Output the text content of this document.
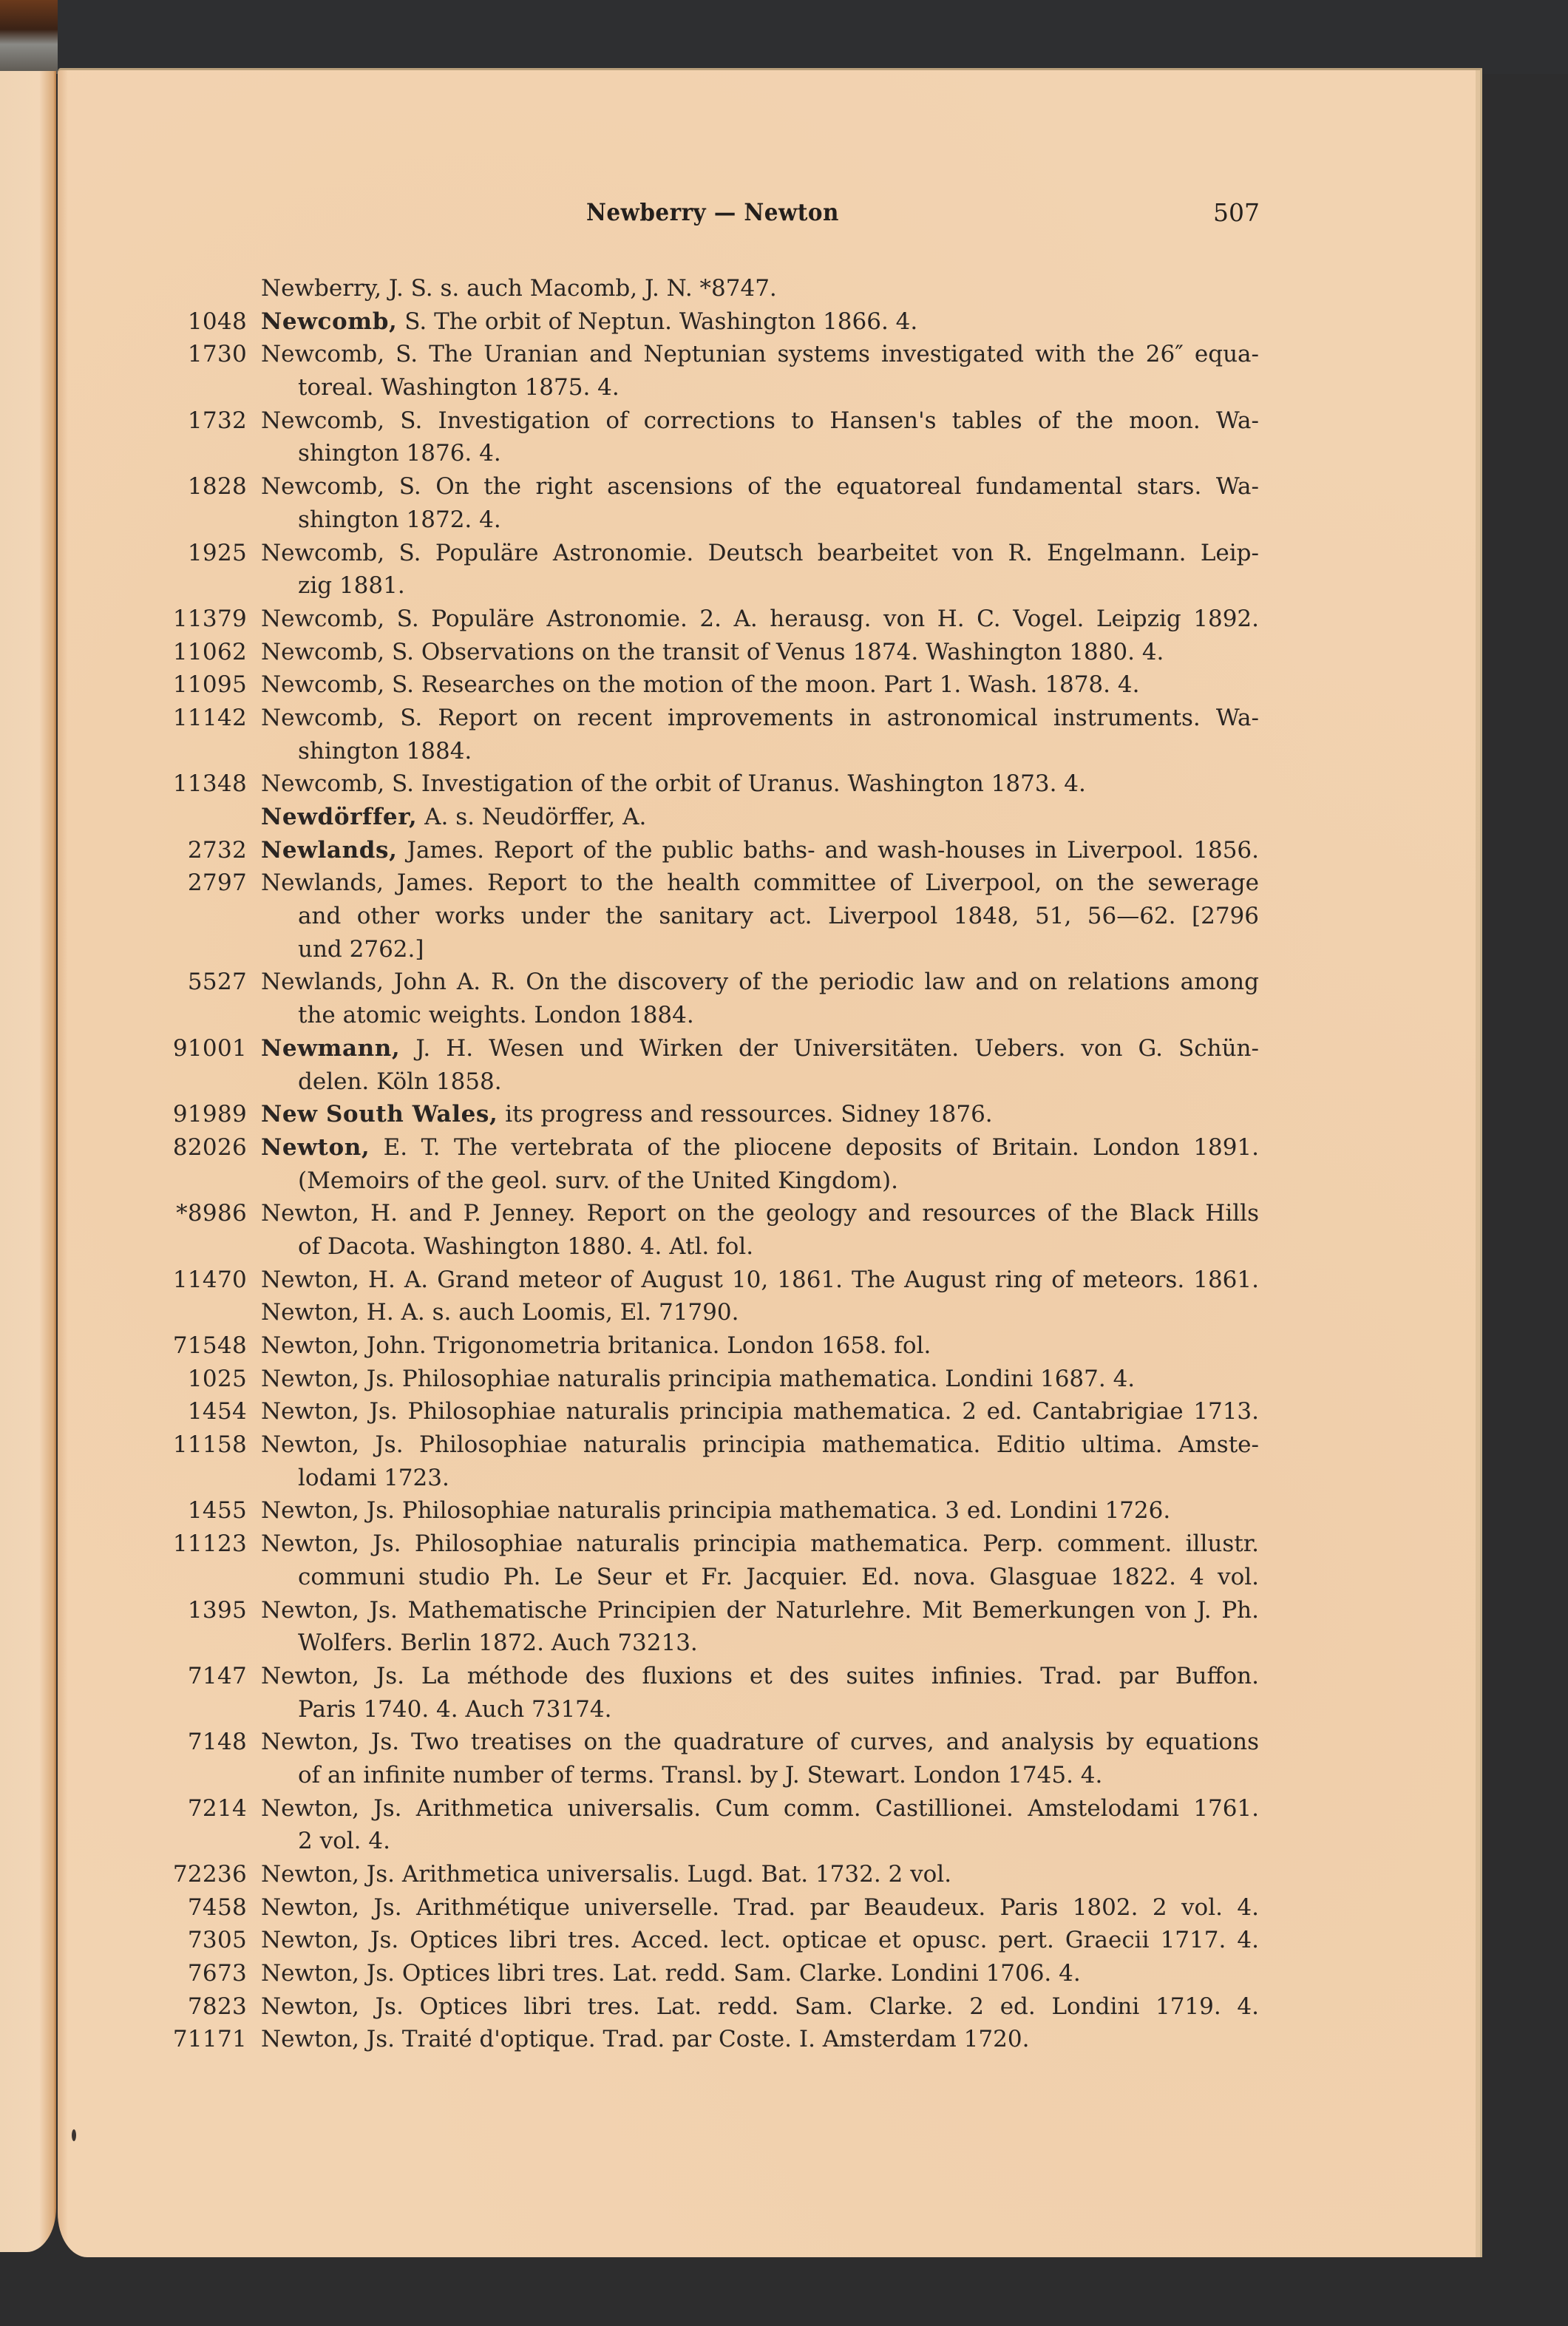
Newberry — Newton	507
Newberry, J. S. s. auch Macomb, J. N. *8747.
1048 Newcomb, S. The orbit of Neptun. Washington 1866. 4.
1730 Newcomb, S. The Uranian and Neptunian systems investigated with the 26″ equa-
toreal. Washington 1875. 4.
1732 Newcomb, S. Investigation of corrections to Hansen's tables of the moon. Wa-
shington 1876. 4.
1828 Newcomb, S. On the right ascensions of the equatoreal fundamental stars. Wa-
shington 1872. 4.
1925 Newcomb, S. Populäre Astronomie. Deutsch bearbeitet von R. Engelmann. Leip-
zig 1881.
11379 Newcomb, S. Populäre Astronomie. 2. A. herausg. von H. C. Vogel. Leipzig 1892.
11062 Newcomb, S. Observations on the transit of Venus 1874. Washington 1880. 4.
11095 Newcomb, S. Researches on the motion of the moon. Part 1. Wash. 1878. 4.
11142 Newcomb, S. Report on recent improvements in astronomical instruments. Wa-
shington 1884.
11348 Newcomb, S. Investigation of the orbit of Uranus. Washington 1873. 4.
Newdörffer, A. s. Neudörffer, A.
2732 Newlands, James. Report of the public baths- and wash-houses in Liverpool. 1856.
2797 Newlands, James. Report to the health committee of Liverpool, on the sewerage
and other works under the sanitary act. Liverpool 1848, 51, 56—62. [2796
und 2762.]
5527 Newlands, John A. R. On the discovery of the periodic law and on relations among
the atomic weights. London 1884.
91001 Newmann, J. H. Wesen und Wirken der Universitäten. Uebers. von G. Schün-
delen. Köln 1858.
91989 New South Wales, its progress and ressources. Sidney 1876.
82026 Newton, E. T. The vertebrata of the pliocene deposits of Britain. London 1891.
(Memoirs of the geol. surv. of the United Kingdom).
*8986 Newton, H. and P. Jenney. Report on the geology and resources of the Black Hills
of Dacota. Washington 1880. 4. Atl. fol.
11470 Newton, H. A. Grand meteor of August 10, 1861. The August ring of meteors. 1861.
Newton, H. A. s. auch Loomis, El. 71790.
71548 Newton, John. Trigonometria britanica. London 1658. fol.
1025 Newton, Js. Philosophiae naturalis principia mathematica. Londini 1687. 4.
1454 Newton, Js. Philosophiae naturalis principia mathematica. 2 ed. Cantabrigiae 1713.
11158 Newton, Js. Philosophiae naturalis principia mathematica. Editio ultima. Amste-
lodami 1723.
1455 Newton, Js. Philosophiae naturalis principia mathematica. 3 ed. Londini 1726.
11123 Newton, Js. Philosophiae naturalis principia mathematica. Perp. comment. illustr.
communi studio Ph. Le Seur et Fr. Jacquier. Ed. nova. Glasguae 1822. 4 vol.
1395 Newton, Js. Mathematische Principien der Naturlehre. Mit Bemerkungen von J. Ph.
Wolfers. Berlin 1872. Auch 73213.
7147 Newton, Js. La méthode des fluxions et des suites infinies. Trad. par Buffon.
Paris 1740. 4. Auch 73174.
7148 Newton, Js. Two treatises on the quadrature of curves, and analysis by equations
of an infinite number of terms. Transl. by J. Stewart. London 1745. 4.
7214 Newton, Js. Arithmetica universalis. Cum comm. Castillionei. Amstelodami 1761.
2 vol. 4.
72236 Newton, Js. Arithmetica universalis. Lugd. Bat. 1732. 2 vol.
7458 Newton, Js. Arithmétique universelle. Trad. par Beaudeux. Paris 1802. 2 vol. 4.
7305 Newton, Js. Optices libri tres. Acced. lect. opticae et opusc. pert. Graecii 1717. 4.
7673 Newton, Js. Optices libri tres. Lat. redd. Sam. Clarke. Londini 1706. 4.
7823 Newton, Js. Optices libri tres. Lat. redd. Sam. Clarke. 2 ed. Londini 1719. 4.
71171 Newton, Js. Traité d'optique. Trad. par Coste. I. Amsterdam 1720.
